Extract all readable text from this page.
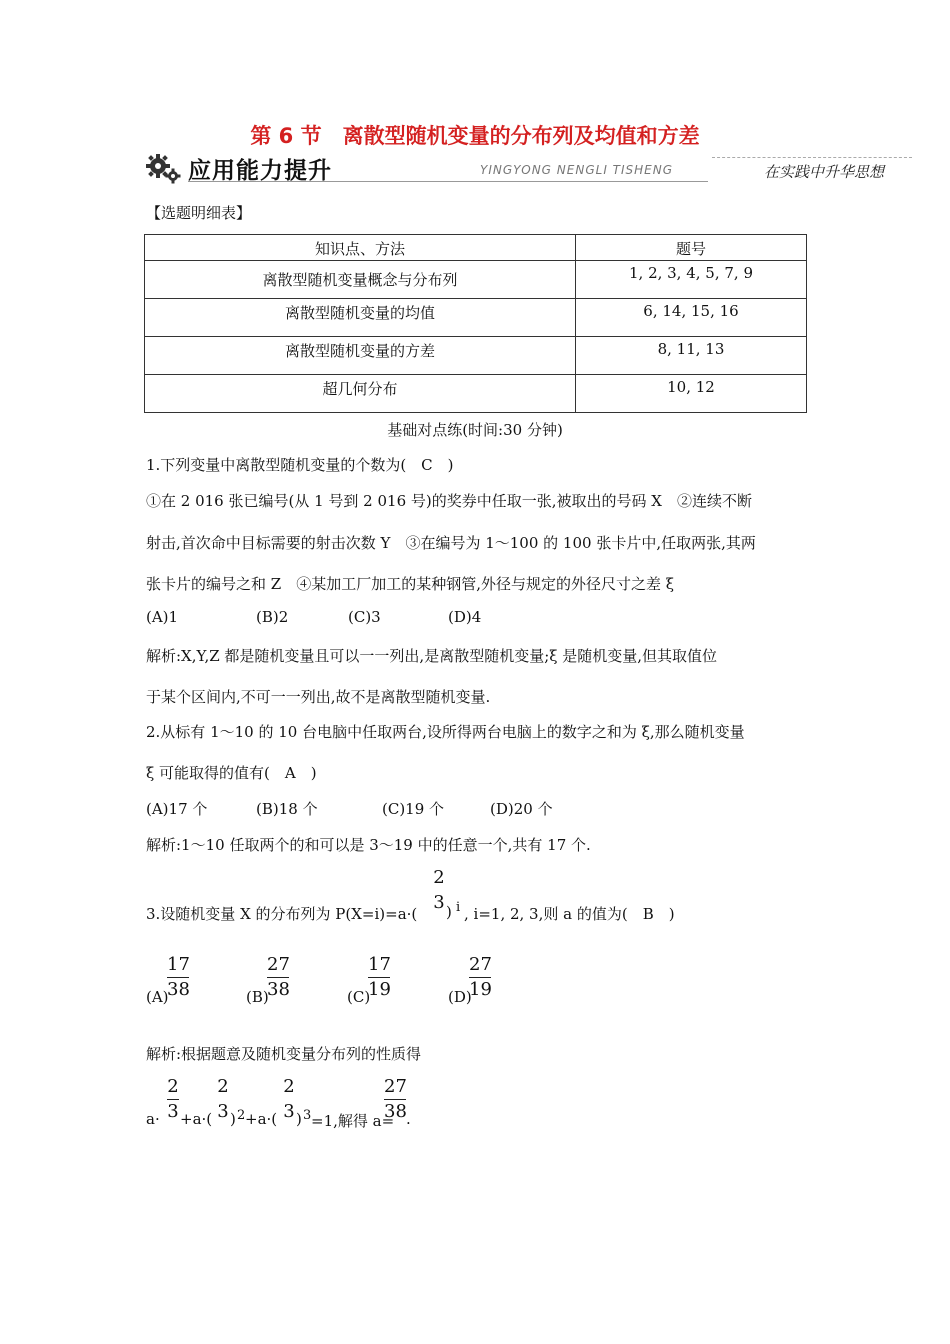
第 6 节　离散型随机变量的分布列及均值和方差
应用能力提升	YINGYONG NENGLI TISHENG	在实践中升华思想
【选题明细表】
知识点、方法	题号
离散型随机变量概念与分布列	1, 2, 3, 4, 5, 7, 9
离散型随机变量的均值	6, 14, 15, 16
离散型随机变量的方差	8, 11, 13
超几何分布	10, 12
基础对点练(时间:30 分钟)
1.下列变量中离散型随机变量的个数为(　C　)
①在 2 016 张已编号(从 1 号到 2 016 号)的奖券中任取一张,被取出的号码 X　②连续不断
射击,首次命中目标需要的射击次数 Y　③在编号为 1～100 的 100 张卡片中,任取两张,其两
张卡片的编号之和 Z　④某加工厂加工的某种钢管,外径与规定的外径尺寸之差 ξ
(A)1	(B)2	(C)3	(D)4
解析:X,Y,Z 都是随机变量且可以一一列出,是离散型随机变量;ξ 是随机变量,但其取值位
于某个区间内,不可一一列出,故不是离散型随机变量.
2.从标有 1～10 的 10 台电脑中任取两台,设所得两台电脑上的数字之和为 ξ,那么随机变量
ξ 可能取得的值有(　A　)
(A)17 个	(B)18 个	(C)19 个	(D)20 个
解析:1～10 任取两个的和可以是 3～19 中的任意一个,共有 17 个.
3.设随机变量 X 的分布列为 P(X=i)=a·(
23 ) i , i=1, 2, 3,则 a 的值为(　B　)
(A)
17
38	(B)
27
38	(C)
17
19	(D)
27
19
解析:根据题意及随机变量分布列的性质得
a·
2
3 +a·(
23 ) 2 +a·(
23 ) 3 =1,解得 a=
27
38 .
